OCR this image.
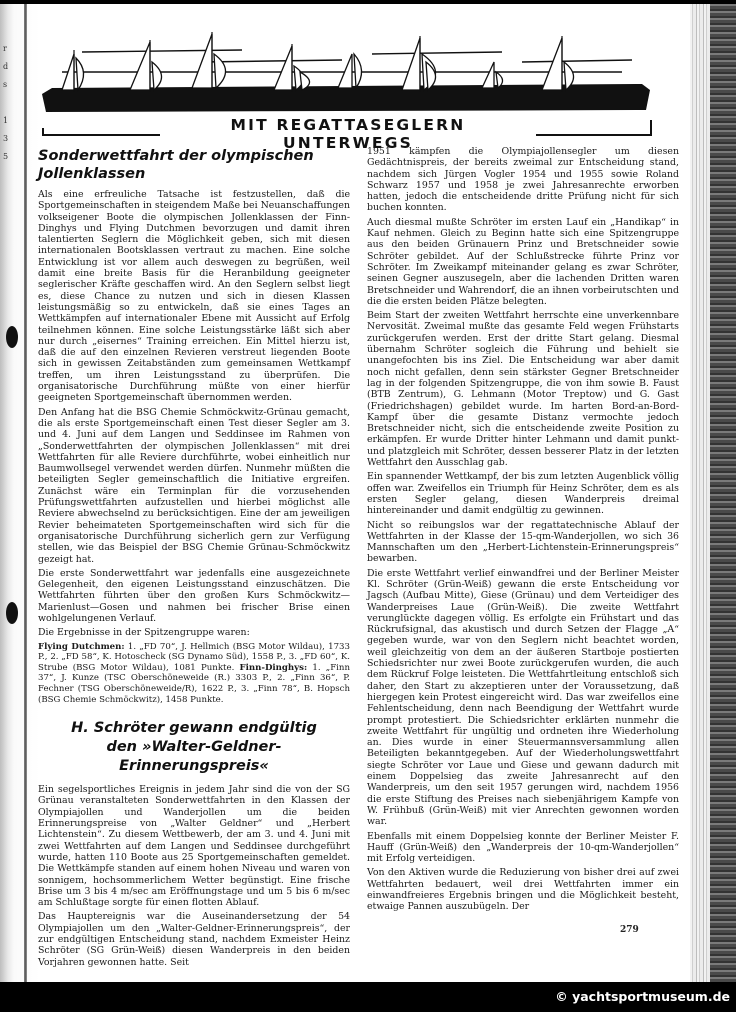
r
d
s

1
3
5
MIT REGATTASEGLERN UNTERWEGS
Sonderwettfahrt der olympischen Jollenklassen

Als eine erfreuliche Tatsache ist festzustellen, daß die Sportgemeinschaften in steigendem Maße bei Neuanschaffungen volkseigener Boote die olympischen Jollenklassen der Finn-Dinghys und Flying Dutchmen bevorzugen und damit ihren talentierten Seglern die Möglichkeit geben, sich mit diesen internationalen Bootsklassen vertraut zu machen. Eine solche Entwicklung ist vor allem auch deswegen zu begrüßen, weil damit eine breite Basis für die Heranbildung geeigneter seglerischer Kräfte geschaffen wird. An den Seglern selbst liegt es, diese Chance zu nutzen und sich in diesen Klassen leistungsmäßig so zu entwickeln, daß sie eines Tages an Wettkämpfen auf internationaler Ebene mit Aussicht auf Erfolg teilnehmen können. Eine solche Leistungsstärke läßt sich aber nur durch „eisernes“ Training erreichen. Ein Mittel hierzu ist, daß die auf den einzelnen Revieren verstreut liegenden Boote sich in gewissen Zeitabständen zum gemeinsamen Wettkampf treffen, um ihren Leistungsstand zu überprüfen. Die organisatorische Durchführung müßte von einer hierfür geeigneten Sportgemeinschaft übernommen werden.

Den Anfang hat die BSG Chemie Schmöckwitz-Grünau gemacht, die als erste Sportgemeinschaft einen Test dieser Segler am 3. und 4. Juni auf dem Langen und Seddinsee im Rahmen von „Sonderwettfahrten der olympischen Jollenklassen“ mit drei Wettfahrten für alle Reviere durchführte, wobei einheitlich nur Baumwollsegel verwendet werden dürfen. Nunmehr müßten die beteiligten Segler gemeinschaftlich die Initiative ergreifen. Zunächst wäre ein Terminplan für die vorzusehenden Prüfungswettfahrten aufzustellen und hierbei möglichst alle Reviere abwechselnd zu berücksichtigen. Eine der am jeweiligen Revier beheimateten Sportgemeinschaften wird sich für die organisatorische Durchführung sicherlich gern zur Verfügung stellen, wie das Beispiel der BSG Chemie Grünau-Schmöckwitz gezeigt hat.

Die erste Sonderwettfahrt war jedenfalls eine ausgezeichnete Gelegenheit, den eigenen Leistungsstand einzuschätzen. Die Wettfahrten führten über den großen Kurs Schmöckwitz—Marienlust—Gosen und nahmen bei frischer Brise einen wohlgelungenen Verlauf.

Die Ergebnisse in der Spitzengruppe waren:

Flying Dutchmen: 1. „FD 70“, J. Hellmich (BSG Motor Wildau), 1733 P., 2. „FD 58“, K. Hotoscheck (SG Dynamo Süd), 1558 P., 3. „FD 60“, K. Strube (BSG Motor Wildau), 1081 Punkte. Finn-Dinghys: 1. „Finn 37“, J. Kunze (TSC Oberschöneweide (R.) 3303 P., 2. „Finn 36“, P. Fechner (TSG Oberschöneweide/R), 1622 P., 3. „Finn 78“, B. Hopsch (BSG Chemie Schmöckwitz), 1458 Punkte.

H. Schröter gewann endgültig
den »Walter-Geldner-Erinnerungspreis«

Ein segelsportliches Ereignis in jedem Jahr sind die von der SG Grünau veranstalteten Sonderwettfahrten in den Klassen der Olympiajollen und Wanderjollen um die beiden Erinnerungspreise von „Walter Geldner“ und „Herbert Lichtenstein“. Zu diesem Wettbewerb, der am 3. und 4. Juni mit zwei Wettfahrten auf dem Langen und Seddinsee durchgeführt wurde, hatten 110 Boote aus 25 Sportgemeinschaften gemeldet. Die Wettkämpfe standen auf einem hohen Niveau und waren von sonnigem, hochsommerlichem Wetter begünstigt. Eine frische Brise um 3 bis 4 m/sec am Eröffnungstage und um 5 bis 6 m/sec am Schlußtage sorgte für einen flotten Ablauf.

Das Hauptereignis war die Auseinandersetzung der 54 Olympiajollen um den „Walter-Geldner-Erinnerungspreis“, der zur endgültigen Entscheidung stand, nachdem Exmeister Heinz Schröter (SG Grün-Weiß) diesen Wanderpreis in den beiden Vorjahren gewonnen hatte. Seit

1951 kämpfen die Olympiajollensegler um diesen Gedächtnispreis, der bereits zweimal zur Entscheidung stand, nachdem sich Jürgen Vogler 1954 und 1955 sowie Roland Schwarz 1957 und 1958 je zwei Jahresanrechte erworben hatten, jedoch die entscheidende dritte Prüfung nicht für sich buchen konnten.

Auch diesmal mußte Schröter im ersten Lauf ein „Handikap“ in Kauf nehmen. Gleich zu Beginn hatte sich eine Spitzengruppe aus den beiden Grünauern Prinz und Bretschneider sowie Schröter gebildet. Auf der Schlußstrecke führte Prinz vor Schröter. Im Zweikampf miteinander gelang es zwar Schröter, seinen Gegner auszusegeln, aber die lachenden Dritten waren Bretschneider und Wahrendorf, die an ihnen vorbeirutschten und die die ersten beiden Plätze belegten.

Beim Start der zweiten Wettfahrt herrschte eine unverkennbare Nervosität. Zweimal mußte das gesamte Feld wegen Frühstarts zurückgerufen werden. Erst der dritte Start gelang. Diesmal übernahm Schröter sogleich die Führung und behielt sie unangefochten bis ins Ziel. Die Entscheidung war aber damit noch nicht gefallen, denn sein stärkster Gegner Bretschneider lag in der folgenden Spitzengruppe, die von ihm sowie B. Faust (BTB Zentrum), G. Lehmann (Motor Treptow) und G. Gast (Friedrichshagen) gebildet wurde. Im harten Bord-an-Bord-Kampf über die gesamte Distanz vermochte jedoch Bretschneider nicht, sich die entscheidende zweite Position zu erkämpfen. Er wurde Dritter hinter Lehmann und damit punkt- und platzgleich mit Schröter, dessen besserer Platz in der letzten Wettfahrt den Ausschlag gab.

Ein spannender Wettkampf, der bis zum letzten Augenblick völlig offen war. Zweifellos ein Triumph für Heinz Schröter, dem es als ersten Segler gelang, diesen Wanderpreis dreimal hintereinander und damit endgültig zu gewinnen.

Nicht so reibungslos war der regattatechnische Ablauf der Wettfahrten in der Klasse der 15-qm-Wanderjollen, wo sich 36 Mannschaften um den „Herbert-Lichtenstein-Erinnerungspreis“ bewarben.

Die erste Wettfahrt verlief einwandfrei und der Berliner Meister Kl. Schröter (Grün-Weiß) gewann die erste Entscheidung vor Jagsch (Aufbau Mitte), Giese (Grünau) und dem Verteidiger des Wanderpreises Laue (Grün-Weiß). Die zweite Wettfahrt verunglückte dagegen völlig. Es erfolgte ein Frühstart und das Rückrufsignal, das akustisch und durch Setzen der Flagge „A“ gegeben wurde, war von den Seglern nicht beachtet worden, weil gleichzeitig von dem an der äußeren Startboje postierten Schiedsrichter nur zwei Boote zurückgerufen wurden, die auch dem Rückruf Folge leisteten. Die Wettfahrtleitung entschloß sich daher, den Start zu akzeptieren unter der Voraussetzung, daß hiergegen kein Protest eingereicht wird. Das war zweifellos eine Fehlentscheidung, denn nach Beendigung der Wettfahrt wurde prompt protestiert. Die Schiedsrichter erklärten nunmehr die zweite Wettfahrt für ungültig und ordneten ihre Wiederholung an. Dies wurde in einer Steuermannsversammlung allen Beteiligten bekanntgegeben. Auf der Wiederholungswettfahrt siegte Schröter vor Laue und Giese und gewann dadurch mit einem Doppelsieg das zweite Jahresanrecht auf den Wanderpreis, um den seit 1957 gerungen wird, nachdem 1956 die erste Stiftung des Preises nach siebenjährigem Kampfe von W. Frühbuß (Grün-Weiß) mit vier Anrechten gewonnen worden war.

Ebenfalls mit einem Doppelsieg konnte der Berliner Meister F. Hauff (Grün-Weiß) den „Wanderpreis der 10-qm-Wanderjollen“ mit Erfolg verteidigen.

Von den Aktiven wurde die Reduzierung von bisher drei auf zwei Wettfahrten bedauert, weil drei Wettfahrten immer ein einwandfreieres Ergebnis bringen und die Möglichkeit besteht, etwaige Pannen auszubügeln. Der

279
© yachtsportmuseum.de
